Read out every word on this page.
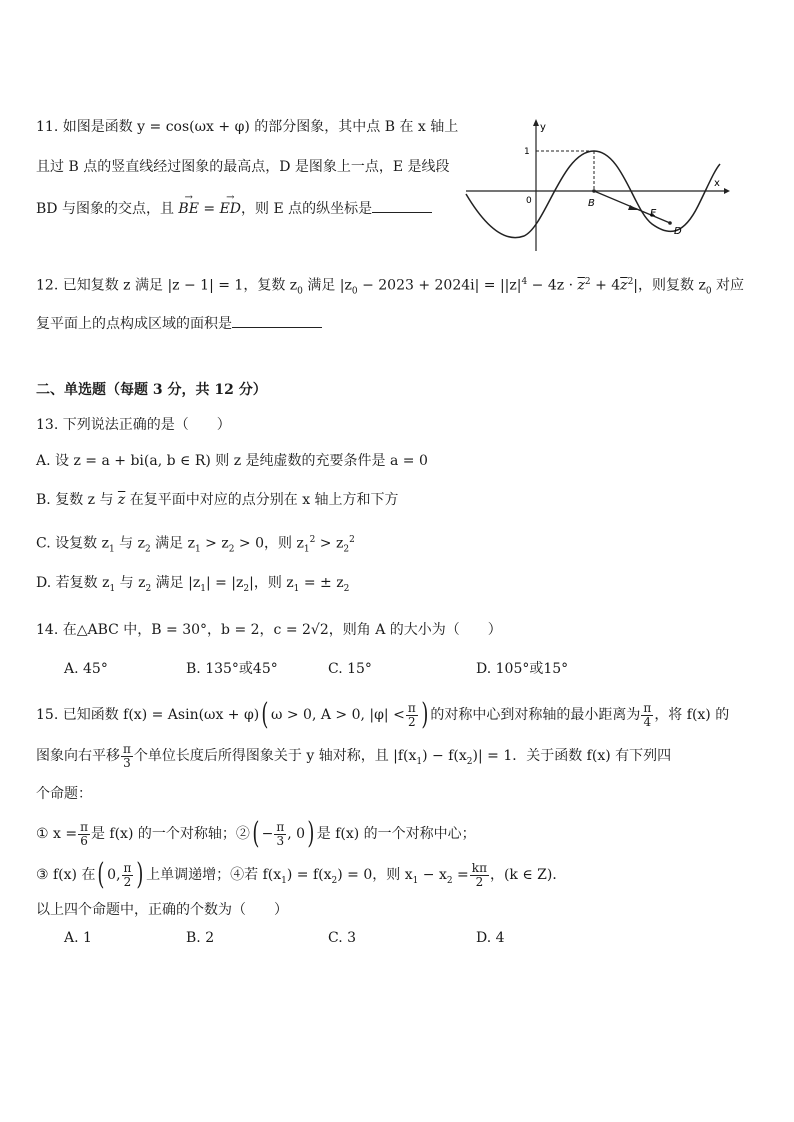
11. 如图是函数 y = cos(ωx + φ) 的部分图象，其中点 B 在 x 轴上
且过 B 点的竖直线经过图象的最高点，D 是图象上一点，E 是线段
BD 与图象的交点，且 → BE = → ED，则 E 点的纵坐标是
y
x
1
0	B
E
D
12. 已知复数 z 满足 |z − 1| = 1，复数 $z_0$ 满足 $|z_0 - 2023 + 2024i| = ||z|^4 - 4z \cdot \overline{z}^2 + 4\overline{z}^2|$，则复数 $z_0$ 对应
复平面上的点构成区域的面积是
二、单选题（每题 3 分，共 12 分）
13. 下列说法正确的是（　　）
A. 设 z = a + bi(a, b ∈ R) 则 z 是纯虚数的充要条件是 a = 0
B. 复数 z 与 $\overline{z}$ 在复平面中对应的点分别在 x 轴上方和下方
C. 设复数 $z_1$ 与 $z_2$ 满足 $z_1 > z_2 > 0$，则 $z_1^2 > z_2^2$
D. 若复数 $z_1$ 与 $z_2$ 满足 $|z_1| = |z_2|$，则 $z_1$ = ± $z_2$
14. 在△ABC 中，B = 30°，b = 2，c = 2√2，则角 A 的大小为（　　）
A. 45°	B. 135°或45°	C. 15°	D. 105°或15°
15. 已知函数 f(x) = Asin(ωx + φ)( ω > 0, A > 0, $|\varphi| < \frac{\pi}{2}$ ) 的对称中心到对称轴的最小距离为 $\frac{\pi}{4}$ ，将 f(x) 的
图象向右平移 $\frac{\pi}{3}$ 个单位长度后所得图象关于 y 轴对称，且 $|f(x_1) - f(x_2)| = 1$．关于函数 f(x) 有下列四
个命题：
① $x = \frac{\pi}{6}$ 是 f(x) 的一个对称轴；②( − $\frac{\pi}{3}$ , 0) 是 f(x) 的一个对称中心；
③ f(x) 在( 0, $\frac{\pi}{2}$ ) 上单调递增；④若 $f(x_1) = f(x_2) = 0$，则 $x_1 - x_2 = \frac{k\pi}{2}$ ，(k ∈ Z)．
以上四个命题中，正确的个数为（　　）
A. 1	B. 2	C. 3	D. 4
